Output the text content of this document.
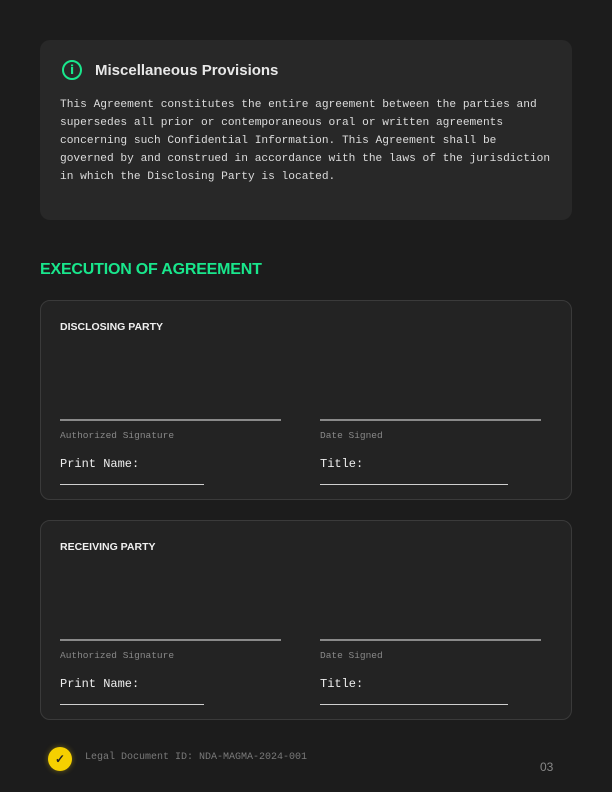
i	Miscellaneous Provisions

This Agreement constitutes the entire agreement between the parties and supersedes all prior or contemporaneous oral or written agreements concerning such Confidential Information. This Agreement shall be governed by and construed in accordance with the laws of the jurisdiction in which the Disclosing Party is located.

EXECUTION OF AGREEMENT
DISCLOSING PARTY
Authorized Signature	Date Signed
Print Name:	Title:
RECEIVING PARTY
Authorized Signature	Date Signed
Print Name:	Title:
✓	Legal Document ID: NDA-MAGMA-2024-001
03
